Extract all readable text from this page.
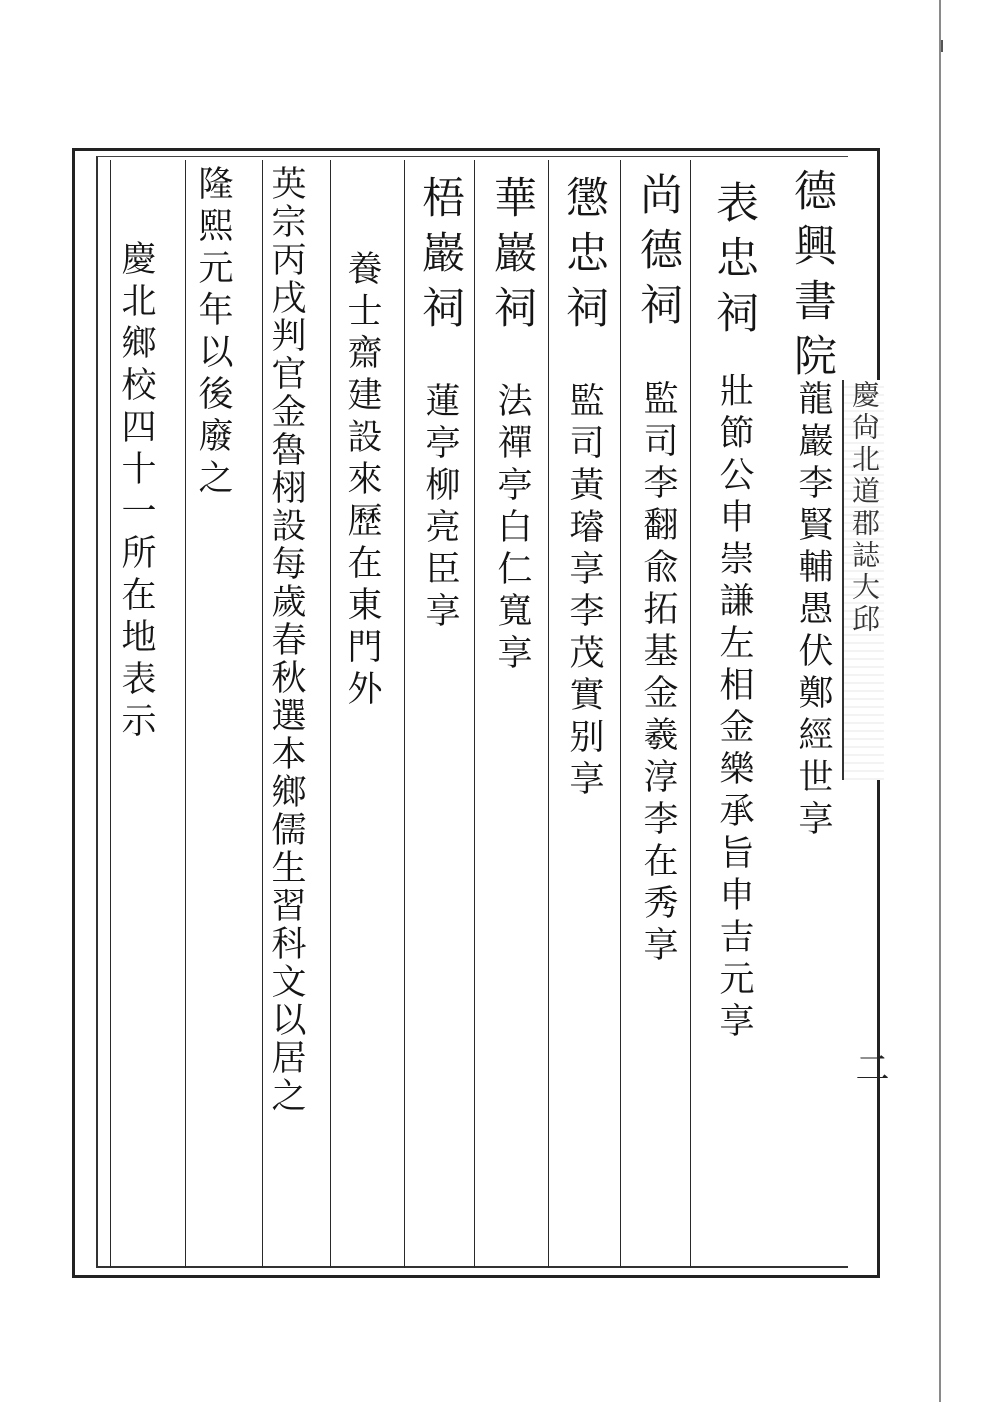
慶尙北道郡誌大邱
二
德興書院
龍巖李賢輔愚伏鄭經世享
表忠祠
壯節公申崇謙左相金樂承旨申吉元享
尚德祠
監司李翻兪拓基金羲淳李在秀享
懲忠祠
監司黃璿享李茂實别享
華巖祠
法禪亭白仁寬享
梧巖祠
蓮亭柳亮臣享
養士齋建設來歷在東門外
英宗丙戌判官金魯栩設每歲春秋選本鄉儒生習科文以居之
隆熙元年以後廢之
慶北鄉校四十一所在地表示
